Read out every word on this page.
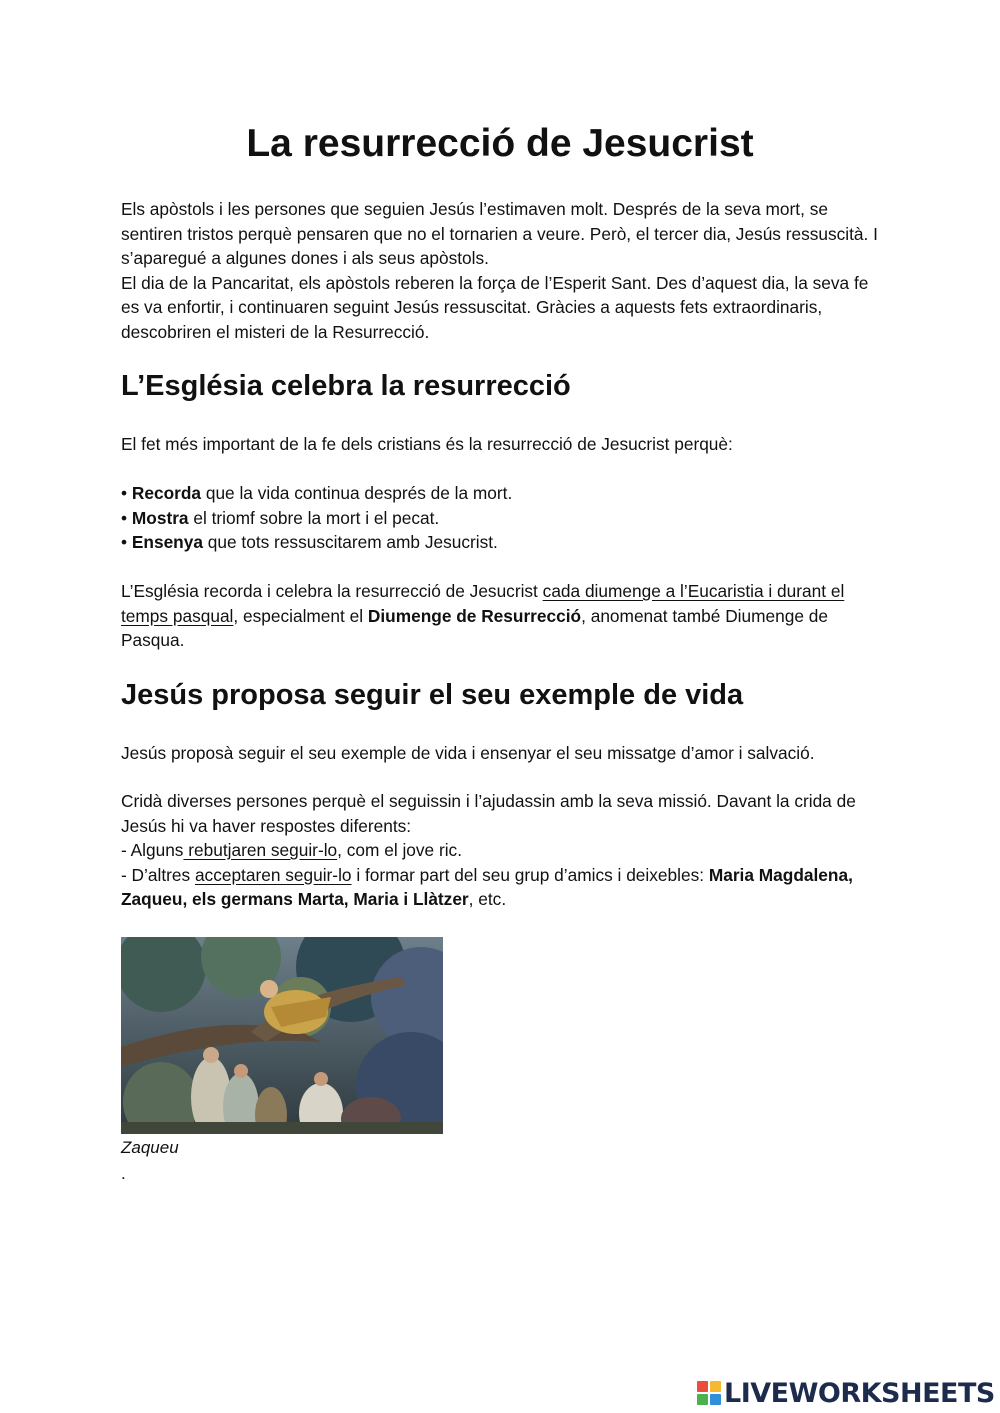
La resurrecció de Jesucrist

Els apòstols i les persones que seguien Jesús l’estimaven molt. Després de la seva mort, se sentiren tristos perquè pensaren que no el tornarien a veure. Però, el tercer dia, Jesús ressuscità. I s’aparegué a algunes dones i als seus apòstols.
El dia de la Pancaritat, els apòstols reberen la força de l’Esperit Sant. Des d’aquest dia, la seva fe es va enfortir, i continuaren seguint Jesús ressuscitat. Gràcies a aquests fets extraordinaris, descobriren el misteri de la Resurrecció.

L’Església celebra la resurrecció

El fet més important de la fe dels cristians és la resurrecció de Jesucrist perquè:

• Recorda que la vida continua després de la mort.
• Mostra el triomf sobre la mort i el pecat.
• Ensenya que tots ressuscitarem amb Jesucrist.

L’Església recorda i celebra la resurrecció de Jesucrist cada diumenge a l’Eucaristia i durant el temps pasqual, especialment el Diumenge de Resurrecció, anomenat també Diumenge de Pasqua.

Jesús proposa seguir el seu exemple de vida

Jesús proposà seguir el seu exemple de vida i ensenyar el seu missatge d’amor i salvació.

Cridà diverses persones perquè el seguissin i l’ajudassin amb la seva missió. Davant la crida de Jesús hi va haver respostes diferents:
- Alguns rebutjaren seguir-lo, com el jove ric.
- D’altres acceptaren seguir-lo i formar part del seu grup d’amics i deixebles: Maria Magdalena, Zaqueu, els germans Marta, Maria i Llàtzer, etc.

Zaqueu

.

LIVEWORKSHEETS
